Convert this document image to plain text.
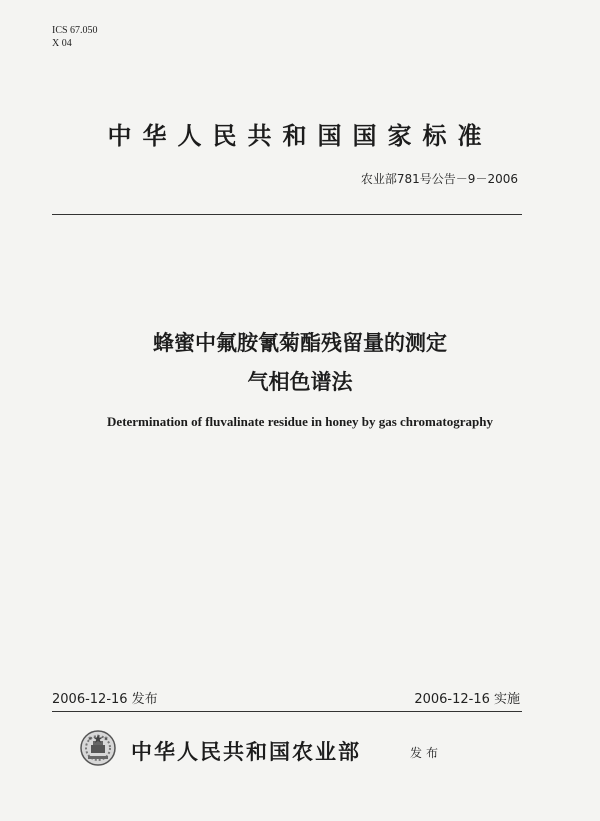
ICS 67.050
X 04
中华人民共和国国家标准
农业部781号公告－9－2006
蜂蜜中氟胺氰菊酯残留量的测定
气相色谱法
Determination of fluvalinate residue in honey by gas chromatography
2006-12-16 发布	2006-12-16 实施
中华人民共和国农业部	发布
